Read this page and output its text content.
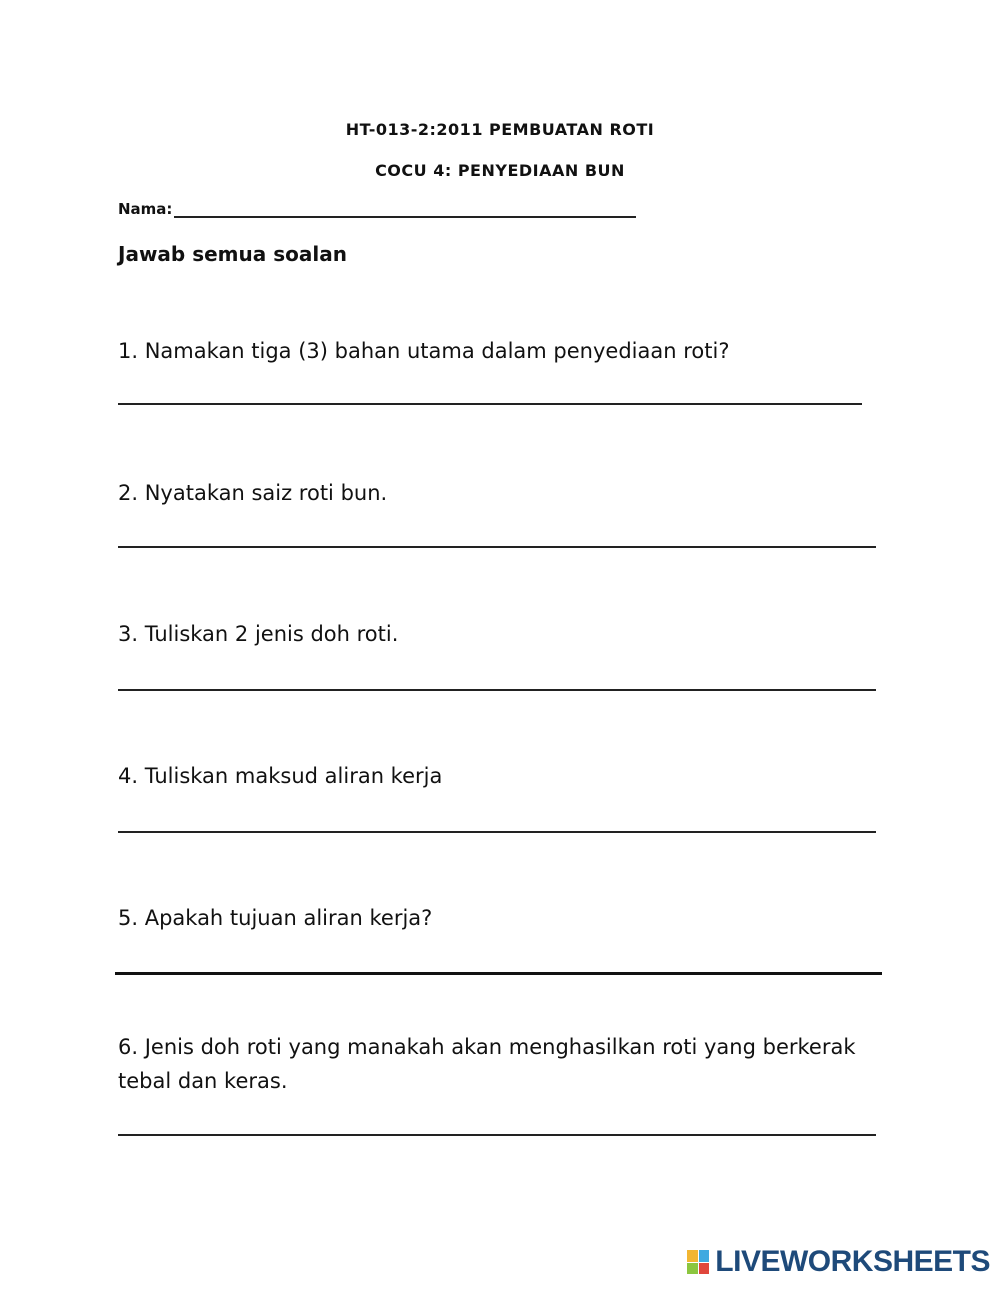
HT-013-2:2011 PEMBUATAN ROTI
COCU 4: PENYEDIAAN BUN
Nama:
Jawab semua soalan
1. Namakan tiga (3) bahan utama dalam penyediaan roti?
2. Nyatakan saiz roti bun.
3. Tuliskan 2 jenis doh roti.
4. Tuliskan maksud aliran kerja
5. Apakah tujuan aliran kerja?
6. Jenis doh roti yang manakah akan menghasilkan roti yang berkerak tebal dan keras.
LIVEWORKSHEETS
